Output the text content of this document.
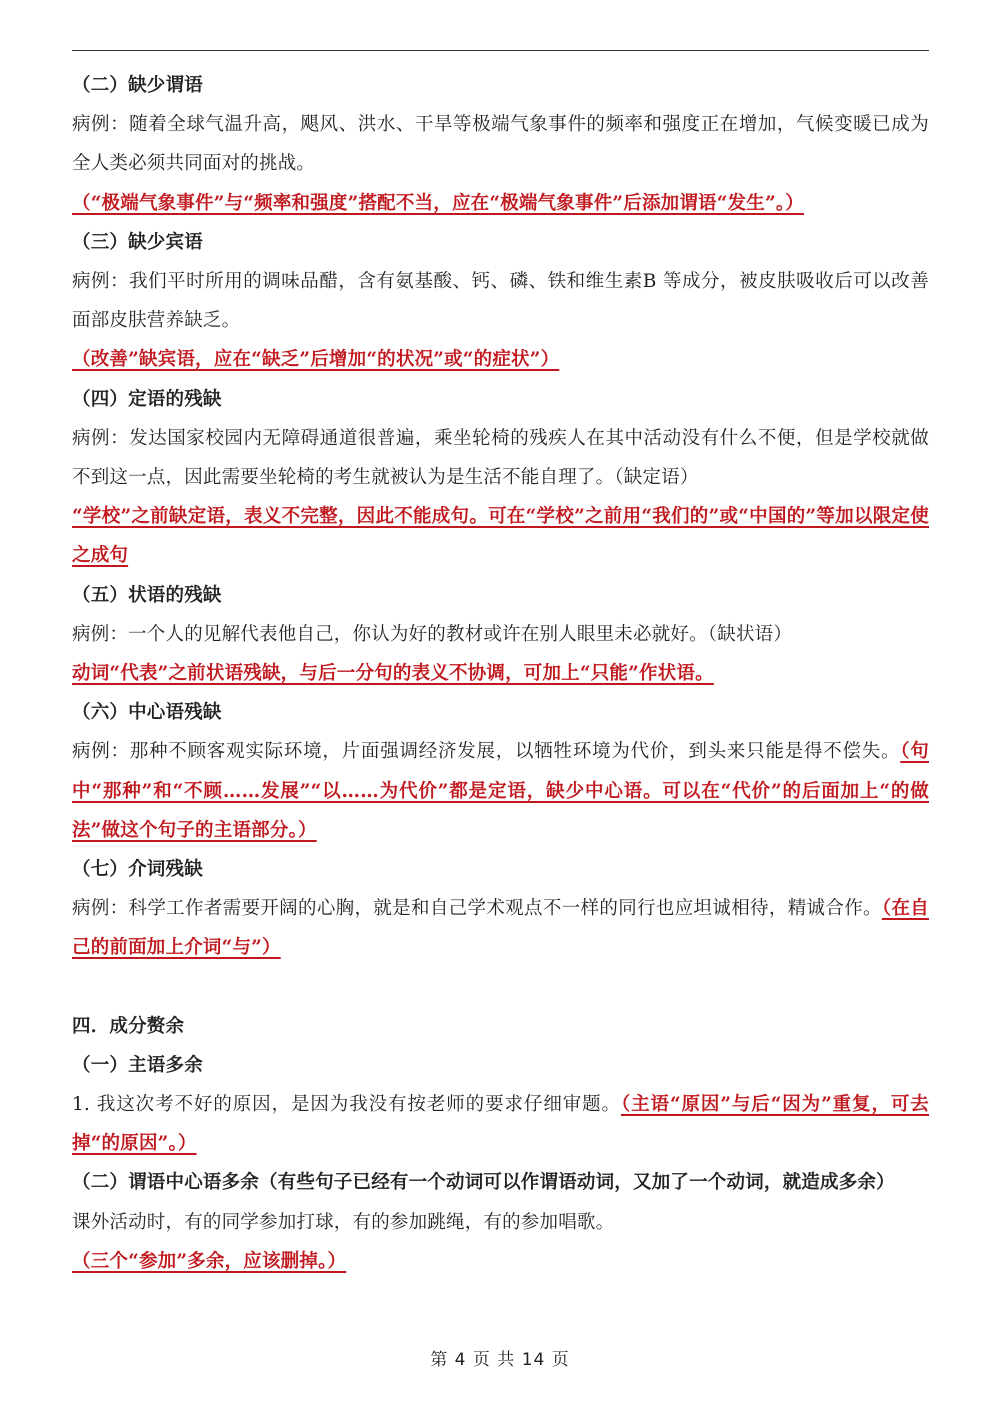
（二）缺少谓语

病例：随着全球气温升高，飓风、洪水、干旱等极端气象事件的频率和强度正在增加，气候变暖已成为全人类必须共同面对的挑战。

（“极端气象事件”与“频率和强度”搭配不当，应在“极端气象事件”后添加谓语“发生”。）

（三）缺少宾语

病例：我们平时所用的调味品醋，含有氨基酸、钙、磷、铁和维生素B 等成分，被皮肤吸收后可以改善面部皮肤营养缺乏。

（改善”缺宾语，应在“缺乏”后增加“的状况”或“的症状”）

（四）定语的残缺

病例：发达国家校园内无障碍通道很普遍，乘坐轮椅的残疾人在其中活动没有什么不便，但是学校就做不到这一点，因此需要坐轮椅的考生就被认为是生活不能自理了。（缺定语）

“学校”之前缺定语，表义不完整，因此不能成句。可在“学校”之前用“我们的”或“中国的”等加以限定使之成句

（五）状语的残缺

病例：一个人的见解代表他自己，你认为好的教材或许在别人眼里未必就好。（缺状语）

动词“代表”之前状语残缺，与后一分句的表义不协调，可加上“只能”作状语。

（六）中心语残缺

病例：那种不顾客观实际环境，片面强调经济发展，以牺牲环境为代价，到头来只能是得不偿失。（句中“那种”和“不顾……发展”“以……为代价”都是定语，缺少中心语。可以在“代价”的后面加上“的做法”做这个句子的主语部分。）

（七）介词残缺

病例：科学工作者需要开阔的心胸，就是和自己学术观点不一样的同行也应坦诚相待，精诚合作。（在自己的前面加上介词“与”）

四．成分赘余

（一）主语多余

1. 我这次考不好的原因，是因为我没有按老师的要求仔细审题。（主语“原因”与后“因为”重复，可去掉“的原因”。）

（二）谓语中心语多余（有些句子已经有一个动词可以作谓语动词，又加了一个动词，就造成多余）

课外活动时，有的同学参加打球，有的参加跳绳，有的参加唱歌。

（三个“参加”多余，应该删掉。）

第 4 页 共 14 页
